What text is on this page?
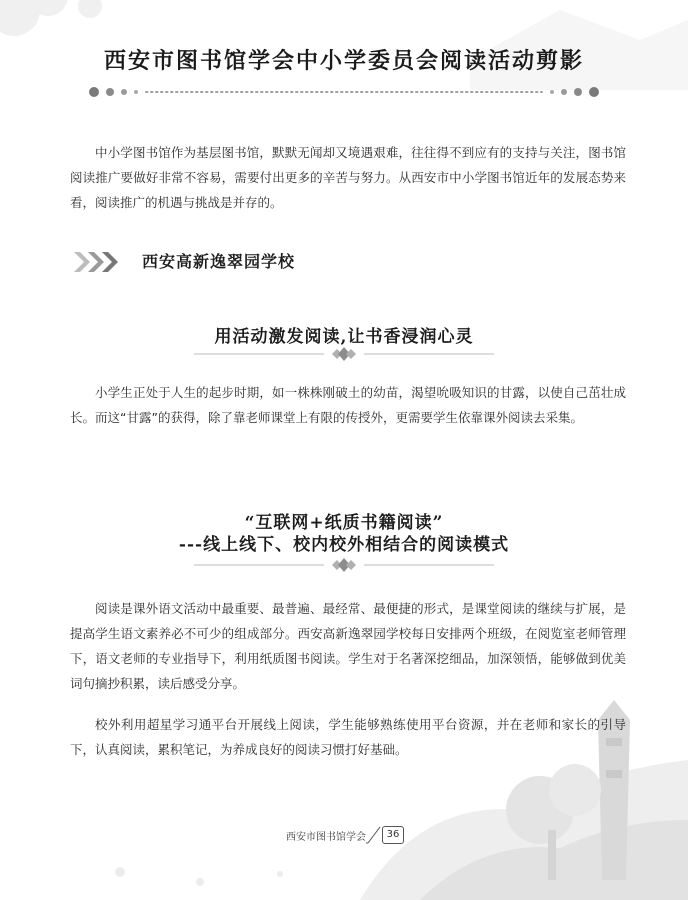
西安市图书馆学会中小学委员会阅读活动剪影
中小学图书馆作为基层图书馆，默默无闻却又境遇艰难，往往得不到应有的支持与关注，图书馆阅读推广要做好非常不容易，需要付出更多的辛苦与努力。从西安市中小学图书馆近年的发展态势来看，阅读推广的机遇与挑战是并存的。
西安高新逸翠园学校
用活动激发阅读,让书香浸润心灵
小学生正处于人生的起步时期，如一株株刚破土的幼苗，渴望吮吸知识的甘露，以使自己茁壮成长。而这“甘露”的获得，除了靠老师课堂上有限的传授外，更需要学生依靠课外阅读去采集。
“互联网+纸质书籍阅读”
---线上线下、校内校外相结合的阅读模式
阅读是课外语文活动中最重要、最普遍、最经常、最便捷的形式，是课堂阅读的继续与扩展，是提高学生语文素养必不可少的组成部分。西安高新逸翠园学校每日安排两个班级，在阅览室老师管理下，语文老师的专业指导下，利用纸质图书阅读。学生对于名著深挖细品，加深领悟，能够做到优美词句摘抄积累，读后感受分享。
校外利用超星学习通平台开展线上阅读，学生能够熟练使用平台资源，并在老师和家长的引导下，认真阅读，累积笔记，为养成良好的阅读习惯打好基础。
西安市图书馆学会	36
